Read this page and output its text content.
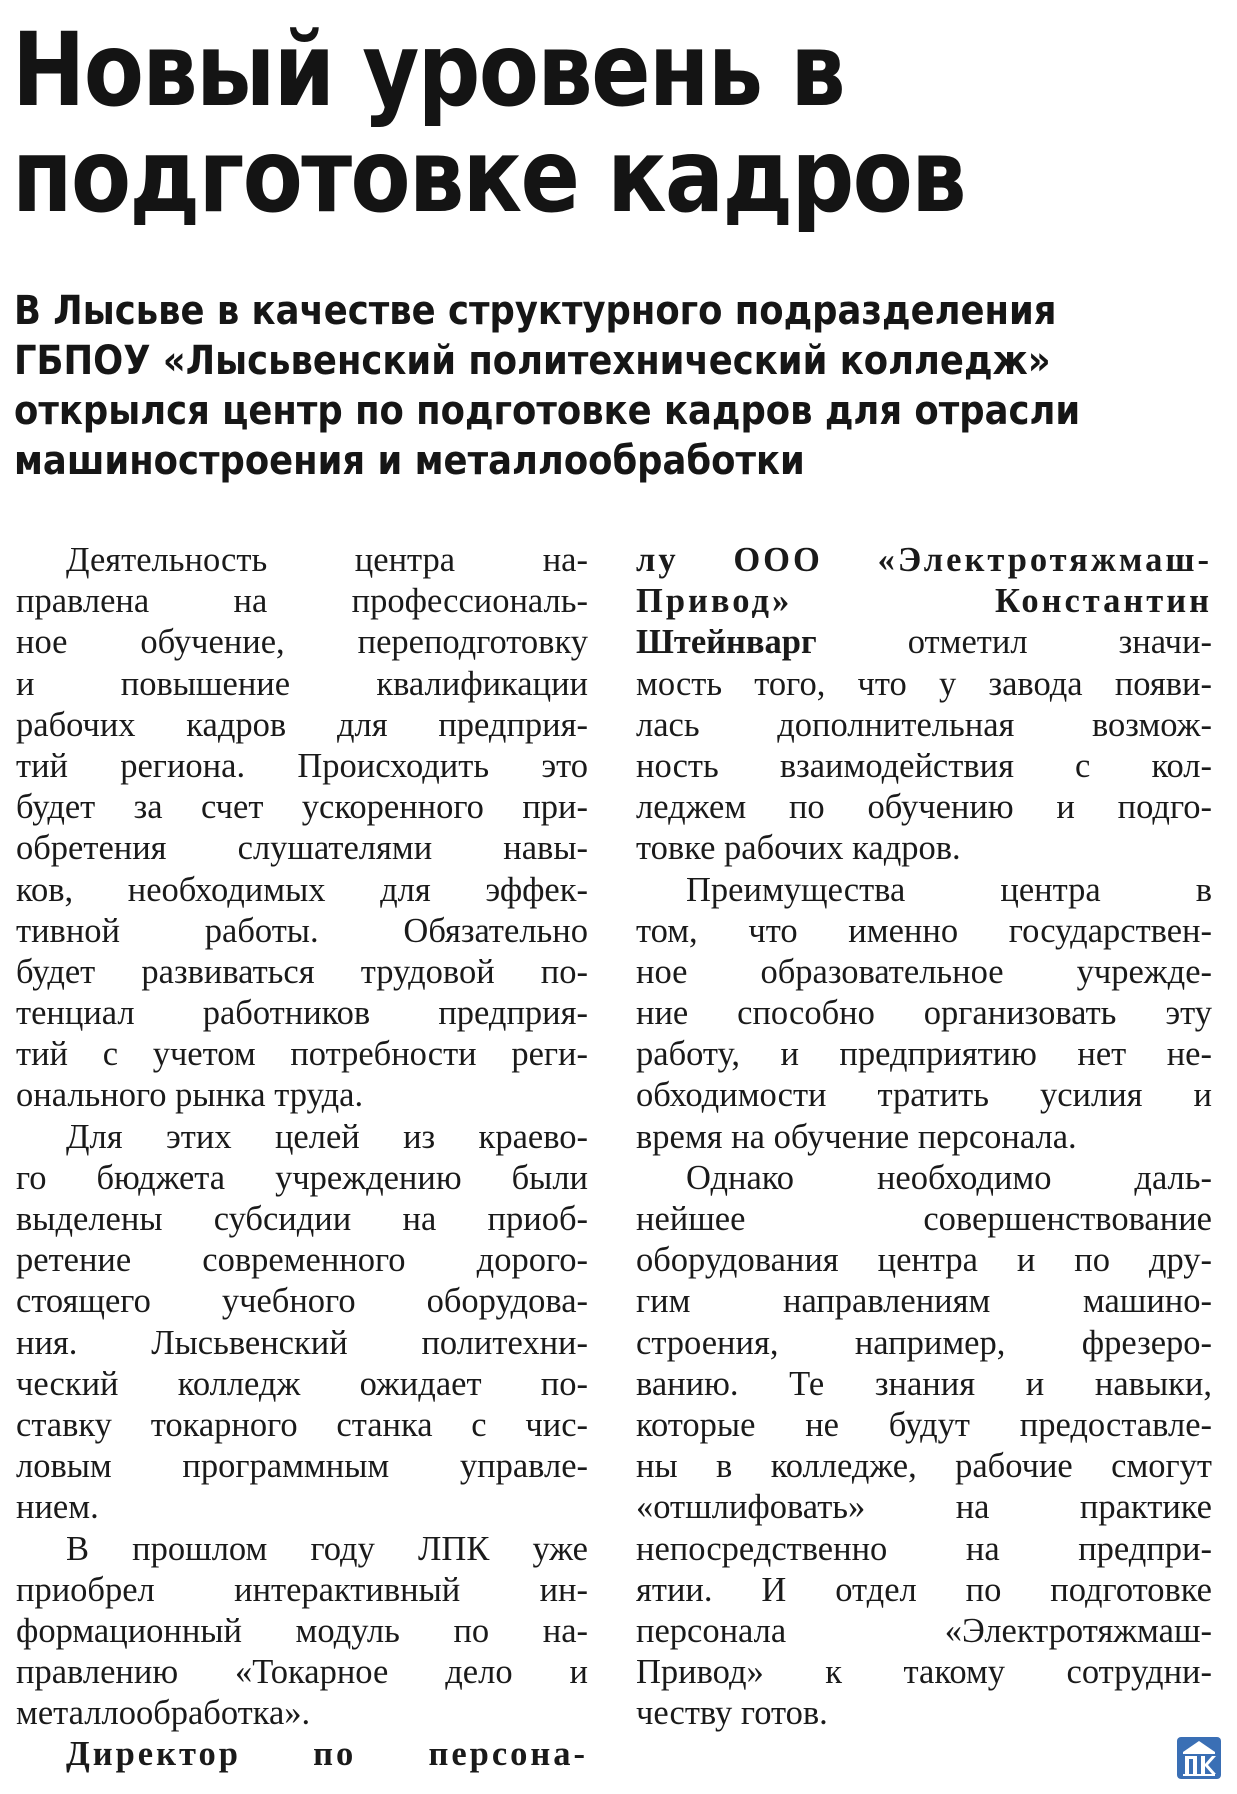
Новый уровень в
подготовке кадров

В Лысьве в качестве структурного подразделения
ГБПОУ «Лысьвенский политехнический колледж»
открылся центр по подготовке кадров для отрасли
машиностроения и металлообработки

Деятельность центра на-
правлена на профессиональ-
ное обучение, переподготовку
и повышение квалификации
рабочих кадров для предприя-
тий региона. Происходить это
будет за счет ускоренного при-
обретения слушателями навы-
ков, необходимых для эффек-
тивной работы. Обязательно
будет развиваться трудовой по-
тенциал работников предприя-
тий с учетом потребности реги-
онального рынка труда.
Для этих целей из краево-
го бюджета учреждению были
выделены субсидии на приоб-
ретение современного дорого-
стоящего учебного оборудова-
ния. Лысьвенский политехни-
ческий колледж ожидает по-
ставку токарного станка с чис-
ловым программным управле-
нием.
В прошлом году ЛПК уже
приобрел интерактивный ин-
формационный модуль по на-
правлению «Токарное дело и
металлообработка».
Директор по персона-
лу ООО «Электротяжмаш-
Привод» Константин
Штейнварг	отметил значи-
мость того, что у завода появи-
лась дополнительная возмож-
ность взаимодействия с кол-
леджем по обучению и подго-
товке рабочих кадров.
Преимущества центра в
том, что именно государствен-
ное образовательное учрежде-
ние способно организовать эту
работу, и предприятию нет не-
обходимости тратить усилия и
время на обучение персонала.
Однако необходимо даль-
нейшее совершенствование
оборудования центра и по дру-
гим направлениям машино-
строения, например, фрезеро-
ванию. Те знания и навыки,
которые не будут предоставле-
ны в колледже, рабочие смогут
«отшлифовать» на практике
непосредственно на предпри-
ятии. И отдел по подготовке
персонала «Электротяжмаш-
Привод» к такому сотрудни-
честву готов.
